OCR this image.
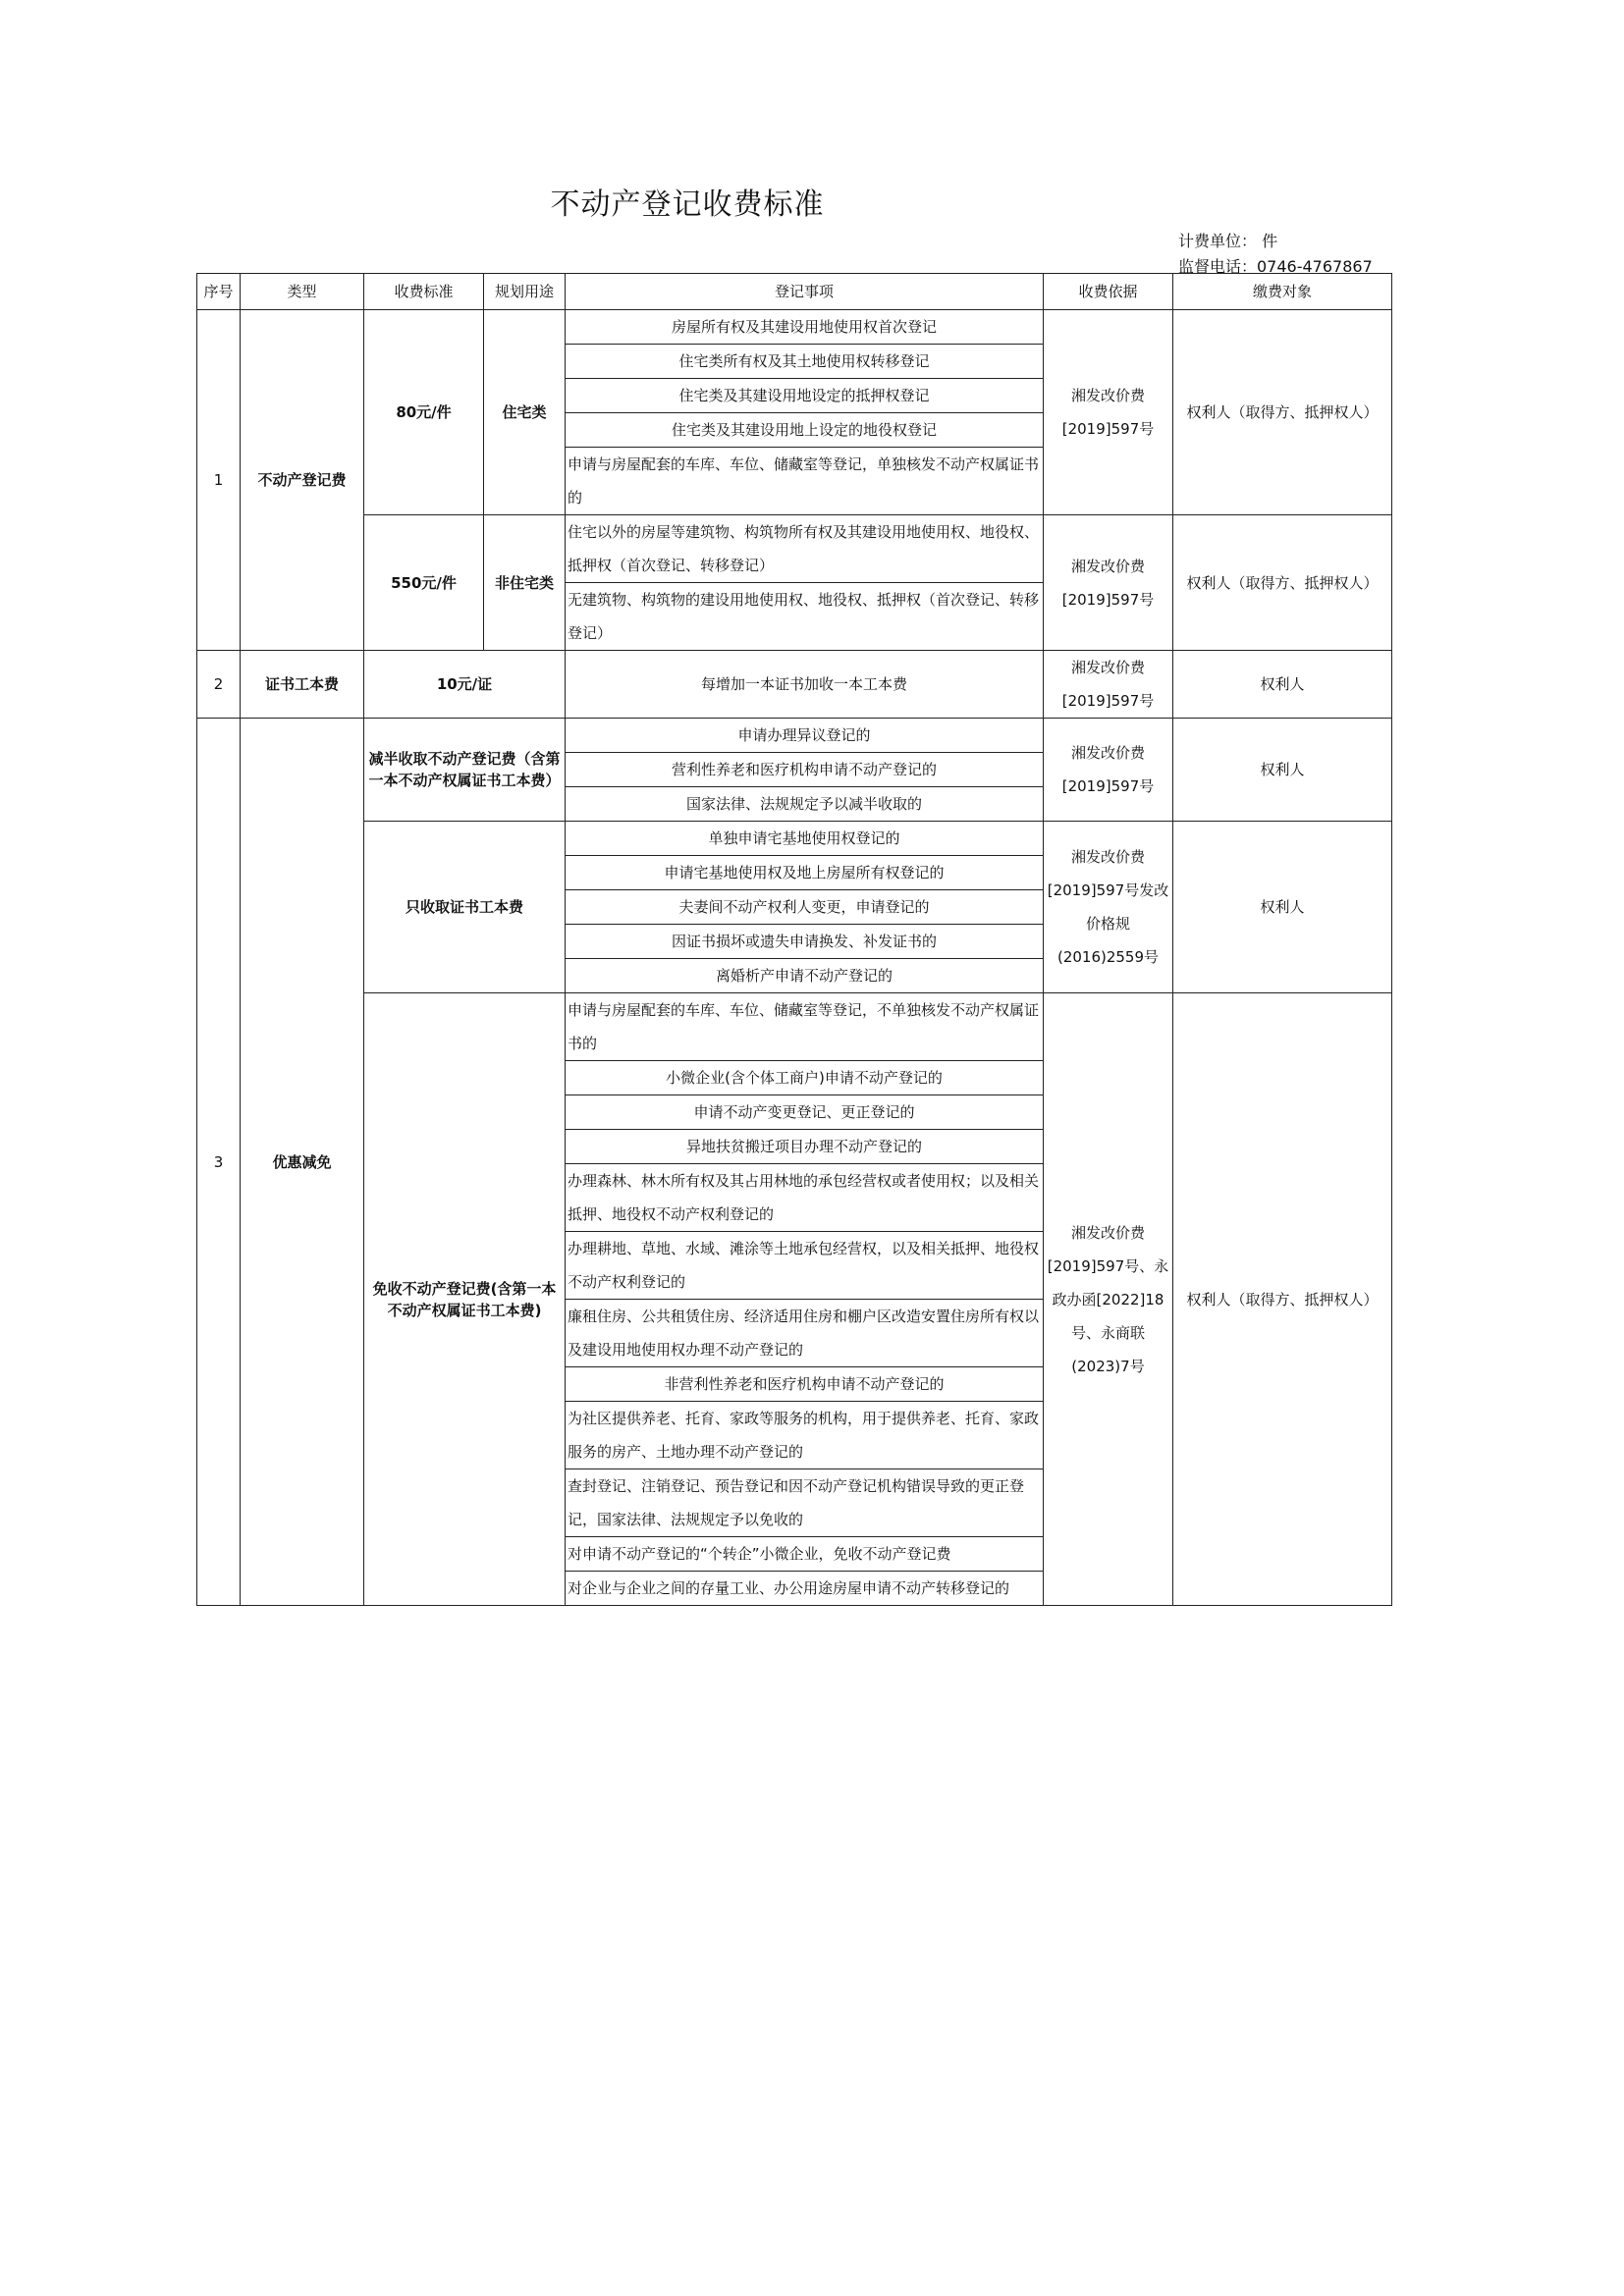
不动产登记收费标准
计费单位： 件
监督电话：0746-4767867
序号	类型	收费标准	规划用途	登记事项	收费依据	缴费对象
1	不动产登记费	80元/件	住宅类	房屋所有权及其建设用地使用权首次登记	湘发改价费[2019]597号	权利人（取得方、抵押权人）
				住宅类所有权及其土地使用权转移登记		
				住宅类及其建设用地设定的抵押权登记		
				住宅类及其建设用地上设定的地役权登记		
				申请与房屋配套的车库、车位、储藏室等登记，单独核发不动产权属证书的		
		550元/件	非住宅类	住宅以外的房屋等建筑物、构筑物所有权及其建设用地使用权、地役权、抵押权（首次登记、转移登记）	湘发改价费[2019]597号	权利人（取得方、抵押权人）
				无建筑物、构筑物的建设用地使用权、地役权、抵押权（首次登记、转移登记）		
2	证书工本费	10元/证		每增加一本证书加收一本工本费	湘发改价费[2019]597号	权利人
3	优惠减免	减半收取不动产登记费（含第一本不动产权属证书工本费）		申请办理异议登记的	湘发改价费[2019]597号	权利人
				营利性养老和医疗机构申请不动产登记的		
				国家法律、法规规定予以减半收取的		
		只收取证书工本费		单独申请宅基地使用权登记的	湘发改价费[2019]597号发改价格规(2016)2559号	权利人
				申请宅基地使用权及地上房屋所有权登记的		
				夫妻间不动产权利人变更，申请登记的		
				因证书损坏或遗失申请换发、补发证书的		
				离婚析产申请不动产登记的		
		免收不动产登记费(含第一本不动产权属证书工本费)		申请与房屋配套的车库、车位、储藏室等登记，不单独核发不动产权属证书的	湘发改价费[2019]597号、永政办函[2022]18号、永商联(2023)7号	权利人（取得方、抵押权人）
				小微企业(含个体工商户)申请不动产登记的		
				申请不动产变更登记、更正登记的		
				异地扶贫搬迁项目办理不动产登记的		
				办理森林、林木所有权及其占用林地的承包经营权或者使用权；以及相关抵押、地役权不动产权利登记的		
				办理耕地、草地、水域、滩涂等土地承包经营权，以及相关抵押、地役权不动产权利登记的		
				廉租住房、公共租赁住房、经济适用住房和棚户区改造安置住房所有权以及建设用地使用权办理不动产登记的		
				非营利性养老和医疗机构申请不动产登记的		
				为社区提供养老、托育、家政等服务的机构，用于提供养老、托育、家政服务的房产、土地办理不动产登记的		
				查封登记、注销登记、预告登记和因不动产登记机构错误导致的更正登记，国家法律、法规规定予以免收的		
				对申请不动产登记的“个转企”小微企业，免收不动产登记费		
				对企业与企业之间的存量工业、办公用途房屋申请不动产转移登记的		
